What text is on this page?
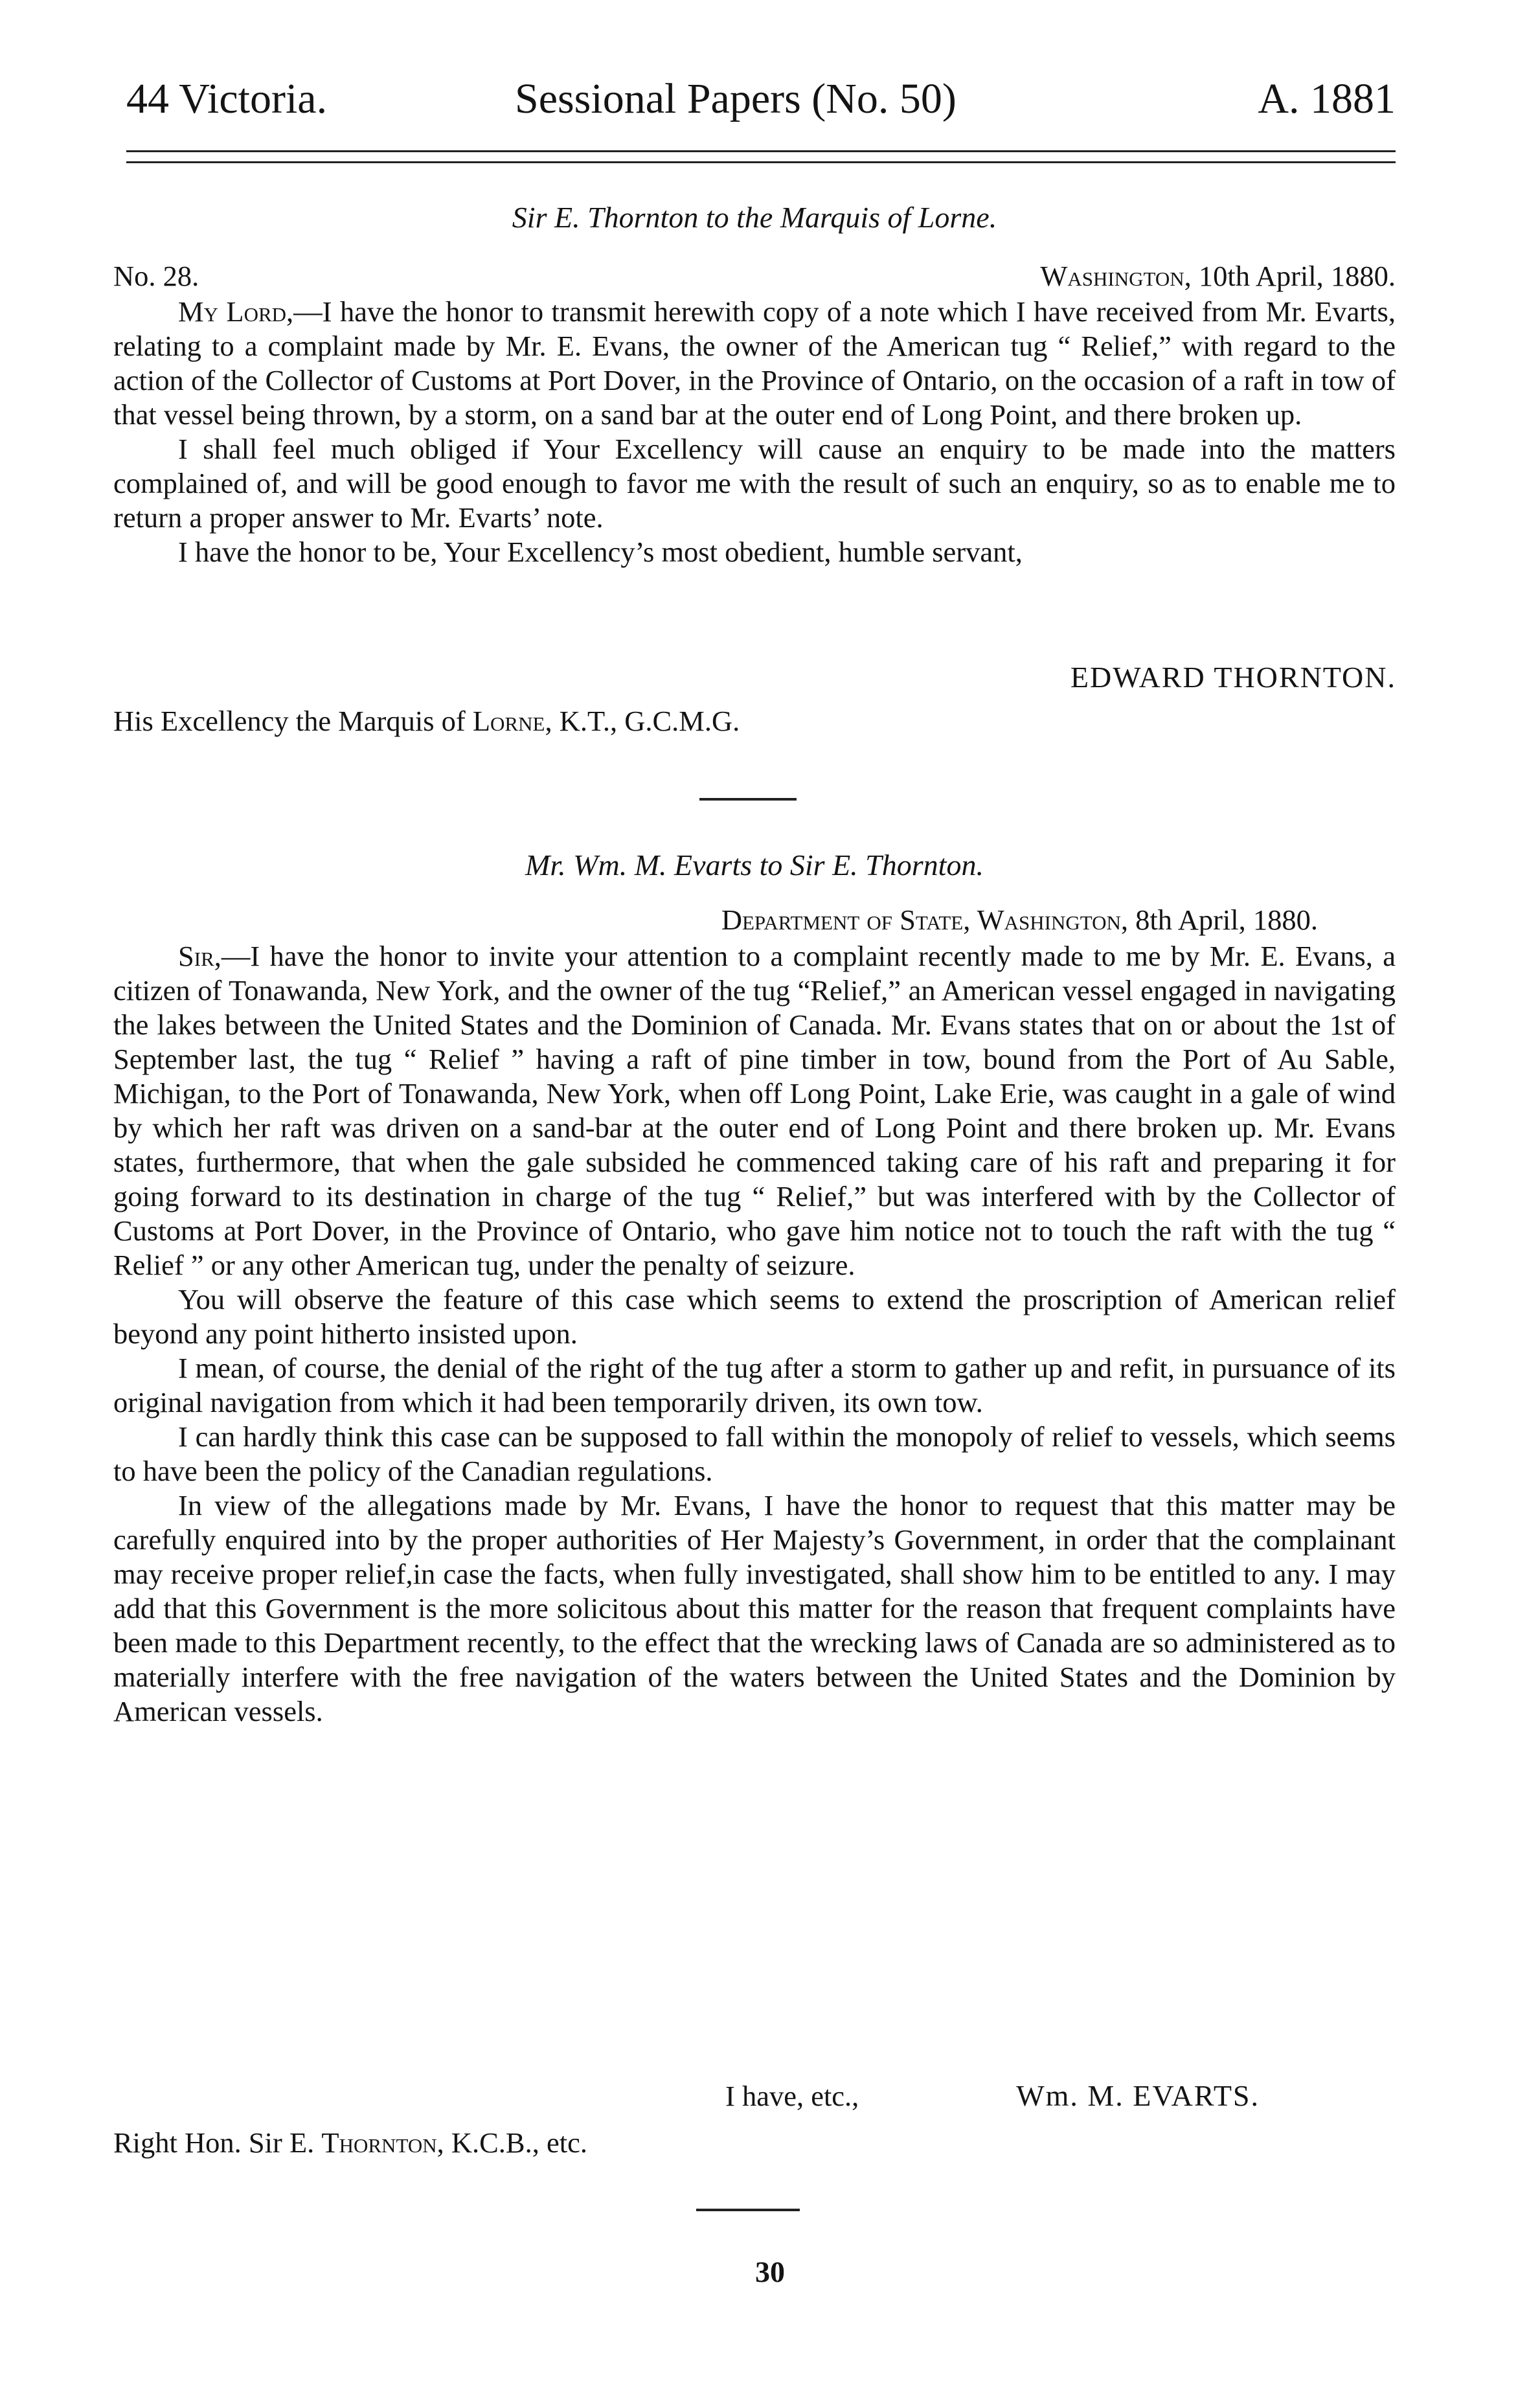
44 Victoria.	Sessional Papers (No. 50)	A. 1881
Sir E. Thornton to the Marquis of Lorne.
No. 28.	Washington, 10th April, 1880.

My Lord,—I have the honor to transmit herewith copy of a note which I have received from Mr. Evarts, relating to a complaint made by Mr. E. Evans, the owner of the American tug “ Relief,” with regard to the action of the Collector of Customs at Port Dover, in the Province of Ontario, on the occasion of a raft in tow of that vessel being thrown, by a storm, on a sand bar at the outer end of Long Point, and there broken up.

I shall feel much obliged if Your Excellency will cause an enquiry to be made into the matters complained of, and will be good enough to favor me with the result of such an enquiry, so as to enable me to return a proper answer to Mr. Evarts’ note.

I have the honor to be, Your Excellency’s most obedient, humble servant,

EDWARD THORNTON.
His Excellency the Marquis of Lorne, K.T., G.C.M.G.
Mr. Wm. M. Evarts to Sir E. Thornton.
Department of State, Washington, 8th April, 1880.

Sir,—I have the honor to invite your attention to a complaint recently made to me by Mr. E. Evans, a citizen of Tonawanda, New York, and the owner of the tug “Relief,” an American vessel engaged in navigating the lakes between the United States and the Dominion of Canada. Mr. Evans states that on or about the 1st of September last, the tug “ Relief ” having a raft of pine timber in tow, bound from the Port of Au Sable, Michigan, to the Port of Tonawanda, New York, when off Long Point, Lake Erie, was caught in a gale of wind by which her raft was driven on a sand-bar at the outer end of Long Point and there broken up. Mr. Evans states, furthermore, that when the gale subsided he commenced taking care of his raft and preparing it for going forward to its destination in charge of the tug “ Relief,” but was interfered with by the Collector of Customs at Port Dover, in the Province of Ontario, who gave him notice not to touch the raft with the tug “ Relief ” or any other American tug, under the penalty of seizure.

You will observe the feature of this case which seems to extend the proscription of American relief beyond any point hitherto insisted upon.

I mean, of course, the denial of the right of the tug after a storm to gather up and refit, in pursuance of its original navigation from which it had been temporarily driven, its own tow.

I can hardly think this case can be supposed to fall within the monopoly of relief to vessels, which seems to have been the policy of the Canadian regulations.

In view of the allegations made by Mr. Evans, I have the honor to request that this matter may be carefully enquired into by the proper authorities of Her Majesty’s Government, in order that the complainant may receive proper relief,in case the facts, when fully investigated, shall show him to be entitled to any. I may add that this Government is the more solicitous about this matter for the reason that frequent complaints have been made to this Department recently, to the effect that the wrecking laws of Canada are so administered as to materially interfere with the free navigation of the waters between the United States and the Dominion by American vessels.

I have, etc.,	Wm. M. EVARTS.
Right Hon. Sir E. Thornton, K.C.B., etc.
30
